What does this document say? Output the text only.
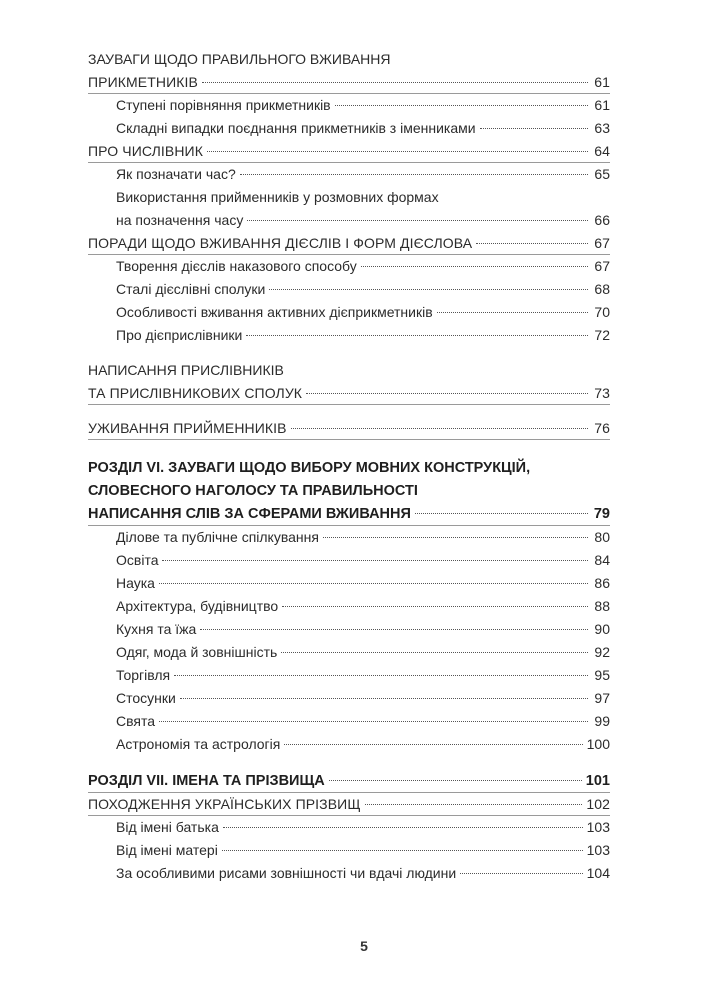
ЗАУВАГИ ЩОДО ПРАВИЛЬНОГО ВЖИВАННЯ
ПРИКМЕТНИКІВ	61
Ступені порівняння прикметників	61
Складні випадки поєднання прикметників з іменниками	63
ПРО ЧИСЛІВНИК	64
Як позначати час?	65
Використання прийменників у розмовних формах
на позначення часу	66
ПОРАДИ ЩОДО ВЖИВАННЯ ДІЄСЛІВ І ФОРМ ДІЄСЛОВА	67
Творення дієслів наказового способу	67
Сталі дієслівні сполуки	68
Особливості вживання активних дієприкметників	70
Про дієприслівники	72
НАПИСАННЯ ПРИСЛІВНИКІВ
ТА ПРИСЛІВНИКОВИХ СПОЛУК	73
УЖИВАННЯ ПРИЙМЕННИКІВ	76
РОЗДІЛ VI. ЗАУВАГИ ЩОДО ВИБОРУ МОВНИХ КОНСТРУКЦІЙ,
СЛОВЕСНОГО НАГОЛОСУ ТА ПРАВИЛЬНОСТІ
НАПИСАННЯ СЛІВ ЗА СФЕРАМИ ВЖИВАННЯ	79
Ділове та публічне спілкування	80
Освіта	84
Наука	86
Архітектура, будівництво	88
Кухня та їжа	90
Одяг, мода й зовнішність	92
Торгівля	95
Стосунки	97
Свята	99
Астрономія та астрологія	100
РОЗДІЛ VII. ІМЕНА ТА ПРІЗВИЩА	101
ПОХОДЖЕННЯ УКРАЇНСЬКИХ ПРІЗВИЩ	102
Від імені батька	103
Від імені матері	103
За особливими рисами зовнішності чи вдачі людини	104
5
